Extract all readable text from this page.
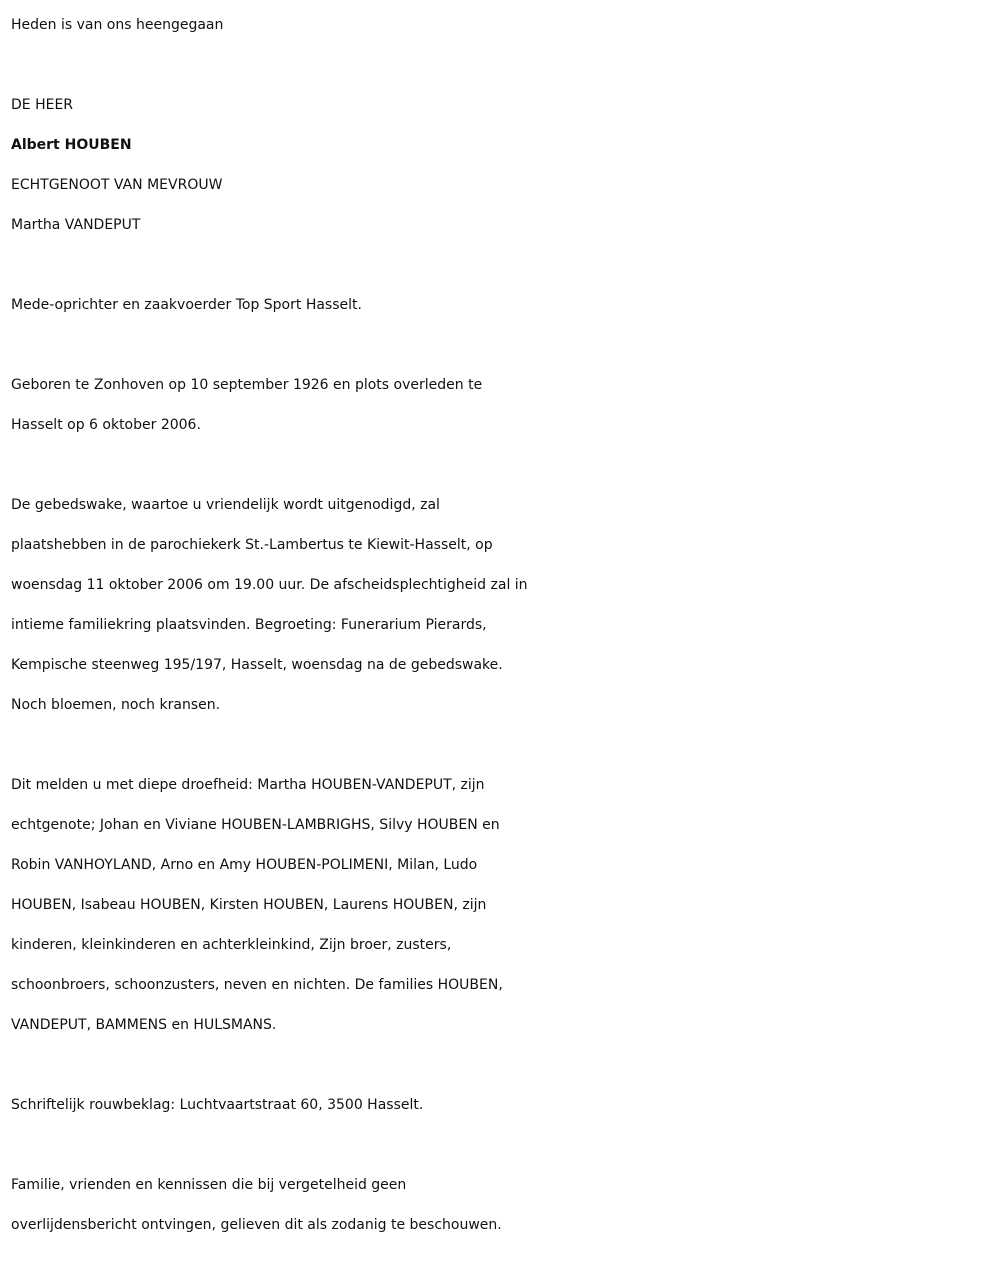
Heden is van ons heengegaan
DE HEER
Albert HOUBEN
ECHTGENOOT VAN MEVROUW
Martha VANDEPUT
Mede-oprichter en zaakvoerder Top Sport Hasselt.
Geboren te Zonhoven op 10 september 1926 en plots overleden te
Hasselt op 6 oktober 2006.
De gebedswake, waartoe u vriendelijk wordt uitgenodigd, zal
plaatshebben in de parochiekerk St.-Lambertus te Kiewit-Hasselt, op
woensdag 11 oktober 2006 om 19.00 uur. De afscheidsplechtigheid zal in
intieme familiekring plaatsvinden. Begroeting: Funerarium Pierards,
Kempische steenweg 195/197, Hasselt, woensdag na de gebedswake.
Noch bloemen, noch kransen.
Dit melden u met diepe droefheid: Martha HOUBEN-VANDEPUT, zijn
echtgenote; Johan en Viviane HOUBEN-LAMBRIGHS, Silvy HOUBEN en
Robin VANHOYLAND, Arno en Amy HOUBEN-POLIMENI, Milan, Ludo
HOUBEN, Isabeau HOUBEN, Kirsten HOUBEN, Laurens HOUBEN, zijn
kinderen, kleinkinderen en achterkleinkind, Zijn broer, zusters,
schoonbroers, schoonzusters, neven en nichten. De families HOUBEN,
VANDEPUT, BAMMENS en HULSMANS.
Schriftelijk rouwbeklag: Luchtvaartstraat 60, 3500 Hasselt.
Familie, vrienden en kennissen die bij vergetelheid geen
overlijdensbericht ontvingen, gelieven dit als zodanig te beschouwen.
